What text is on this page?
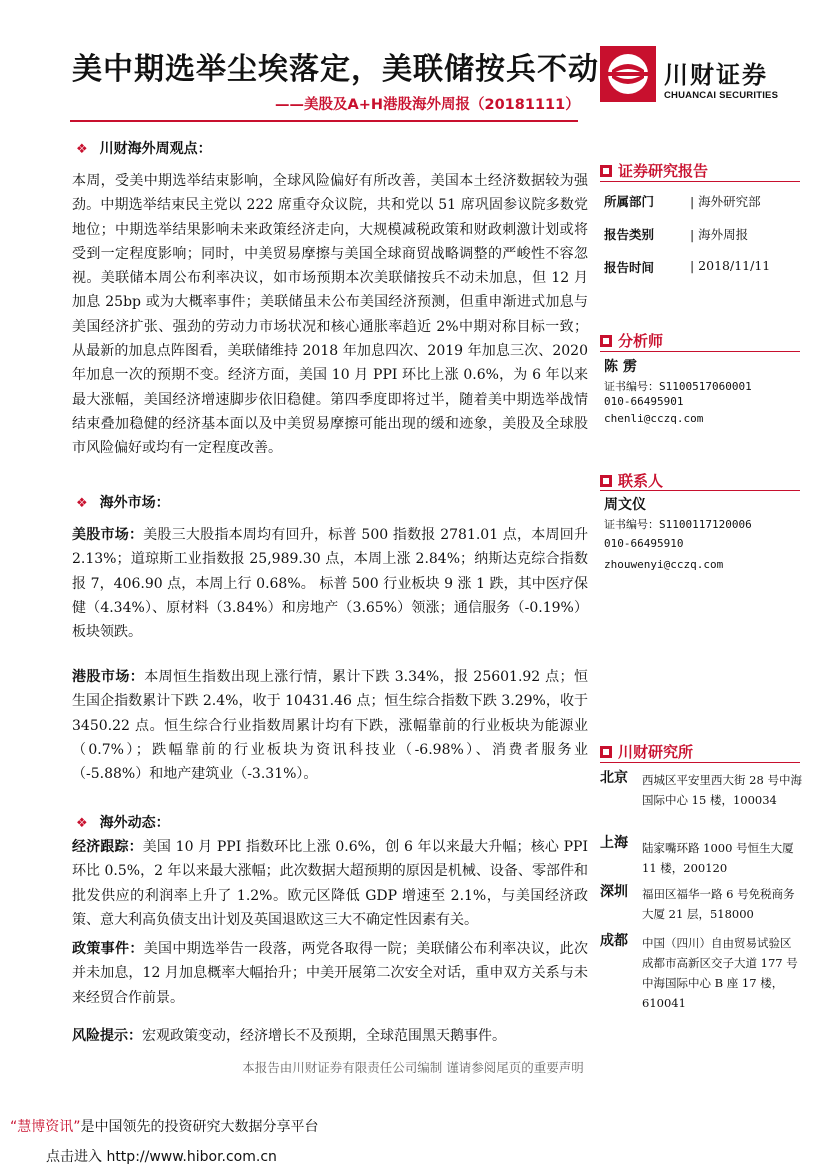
美中期选举尘埃落定，美联储按兵不动
——美股及A+H港股海外周报（20181111）
川财证券
CHUANCAI SECURITIES
❖ 川财海外周观点：
本周，受美中期选举结束影响，全球风险偏好有所改善，美国本土经济数据较为强劲。中期选举结束民主党以 222 席重夺众议院，共和党以 51 席巩固参议院多数党地位；中期选举结果影响未来政策经济走向，大规模减税政策和财政刺激计划或将受到一定程度影响；同时，中美贸易摩擦与美国全球商贸战略调整的严峻性不容忽视。美联储本周公布利率决议，如市场预期本次美联储按兵不动未加息，但 12 月加息 25bp 或为大概率事件；美联储虽未公布美国经济预测，但重申渐进式加息与美国经济扩张、强劲的劳动力市场状况和核心通胀率趋近 2%中期对称目标一致；从最新的加息点阵图看，美联储维持 2018 年加息四次、2019 年加息三次、2020 年加息一次的预期不变。经济方面，美国 10 月 PPI 环比上涨 0.6%，为 6 年以来最大涨幅，美国经济增速脚步依旧稳健。第四季度即将过半，随着美中期选举战情结束叠加稳健的经济基本面以及中美贸易摩擦可能出现的缓和迹象，美股及全球股市风险偏好或均有一定程度改善。
❖ 海外市场：
美股市场：美股三大股指本周均有回升，标普 500 指数报 2781.01 点，本周回升 2.13%；道琼斯工业指数报 25,989.30 点，本周上涨 2.84%；纳斯达克综合指数报 7，406.90 点，本周上行 0.68%。 标普 500 行业板块 9 涨 1 跌，其中医疗保健（4.34%）、原材料（3.84%）和房地产（3.65%）领涨；通信服务（-0.19%）板块领跌。
港股市场：本周恒生指数出现上涨行情，累计下跌 3.34%，报 25601.92 点；恒生国企指数累计下跌 2.4%，收于 10431.46 点；恒生综合指数下跌 3.29%，收于 3450.22 点。恒生综合行业指数周累计均有下跌，涨幅靠前的行业板块为能源业（0.7%）；跌幅靠前的行业板块为资讯科技业（-6.98%）、消费者服务业（-5.88%）和地产建筑业（-3.31%）。
❖ 海外动态：
经济跟踪：美国 10 月 PPI 指数环比上涨 0.6%，创 6 年以来最大升幅；核心 PPI 环比 0.5%，2 年以来最大涨幅；此次数据大超预期的原因是机械、设备、零部件和批发供应的利润率上升了 1.2%。欧元区降低 GDP 增速至 2.1%，与美国经济政策、意大利高负债支出计划及英国退欧这三大不确定性因素有关。
政策事件：美国中期选举告一段落，两党各取得一院；美联储公布利率决议，此次并未加息，12 月加息概率大幅抬升；中美开展第二次安全对话，重申双方关系与未来经贸合作前景。
风险提示：宏观政策变动，经济增长不及预期，全球范围黑天鹅事件。
证券研究报告
所属部门	| 海外研究部
报告类别	| 海外周报
报告时间	| 2018/11/11
分析师
陈 雳
证书编号：S1100517060001
010-66495901
chenli@cczq.com
联系人
周文仪
证书编号：S1100117120006
010-66495910
zhouwenyi@cczq.com
川财研究所
北京 西城区平安里西大街 28 号中海国际中心 15 楼，100034
上海 陆家嘴环路 1000 号恒生大厦 11 楼，200120
深圳 福田区福华一路 6 号免税商务大厦 21 层，518000
成都 中国（四川）自由贸易试验区成都市高新区交子大道 177 号中海国际中心 B 座 17 楼，610041
本报告由川财证券有限责任公司编制 谨请参阅尾页的重要声明
“慧博资讯”是中国领先的投资研究大数据分享平台
点击进入 http://www.hibor.com.cn
